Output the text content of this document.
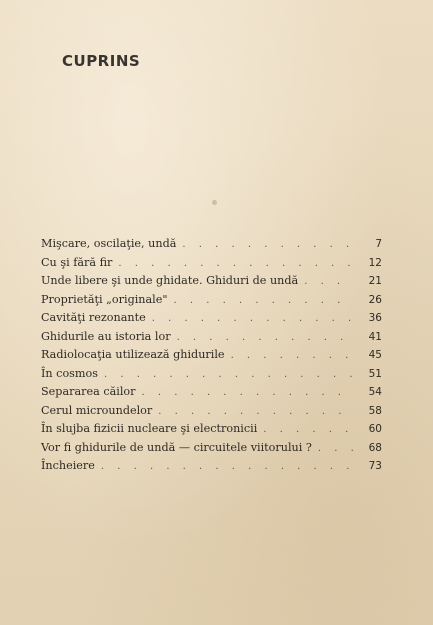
CUPRINS
Mişcare, oscilaţie, undă . . .	7
Cu şi fără fir . . .	12
Unde libere şi unde ghidate. Ghiduri de undă . . .	21
Proprietăţi „originale" . . .	26
Cavităţi rezonante . . .	36
Ghidurile au istoria lor . . .	41
Radiolocaţia utilizează ghidurile . . .	45
În cosmos . . .	51
Separarea căilor . . .	54
Cerul microundelor . . .	58
În slujba fizicii nucleare şi electronicii . . .	60
Vor fi ghidurile de undă — circuitele viitorului ? . . .	68
Încheiere . . .	73
